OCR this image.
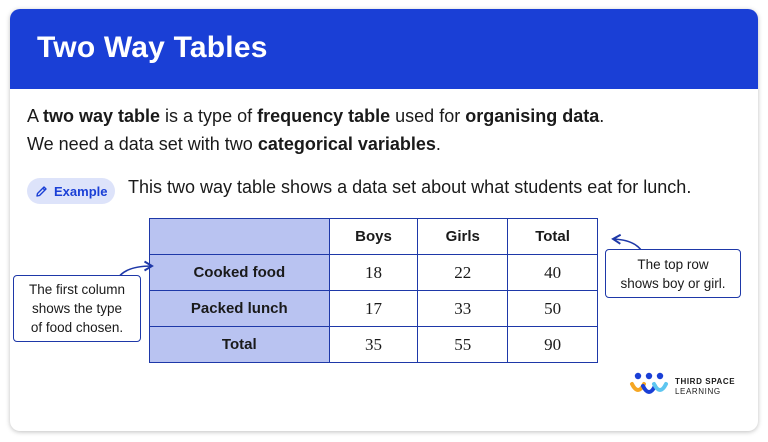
Two Way Tables
A two way table is a type of frequency table used for organising data.
We need a data set with two categorical variables.
Example This two way table shows a data set about what students eat for lunch.
	Boys	Girls	Total
Cooked food	18	22	40
Packed lunch	17	33	50
Total	35	55	90
The first column
shows the type
of food chosen.
The top row
shows boy or girl.
THIRD SPACE
LEARNING
